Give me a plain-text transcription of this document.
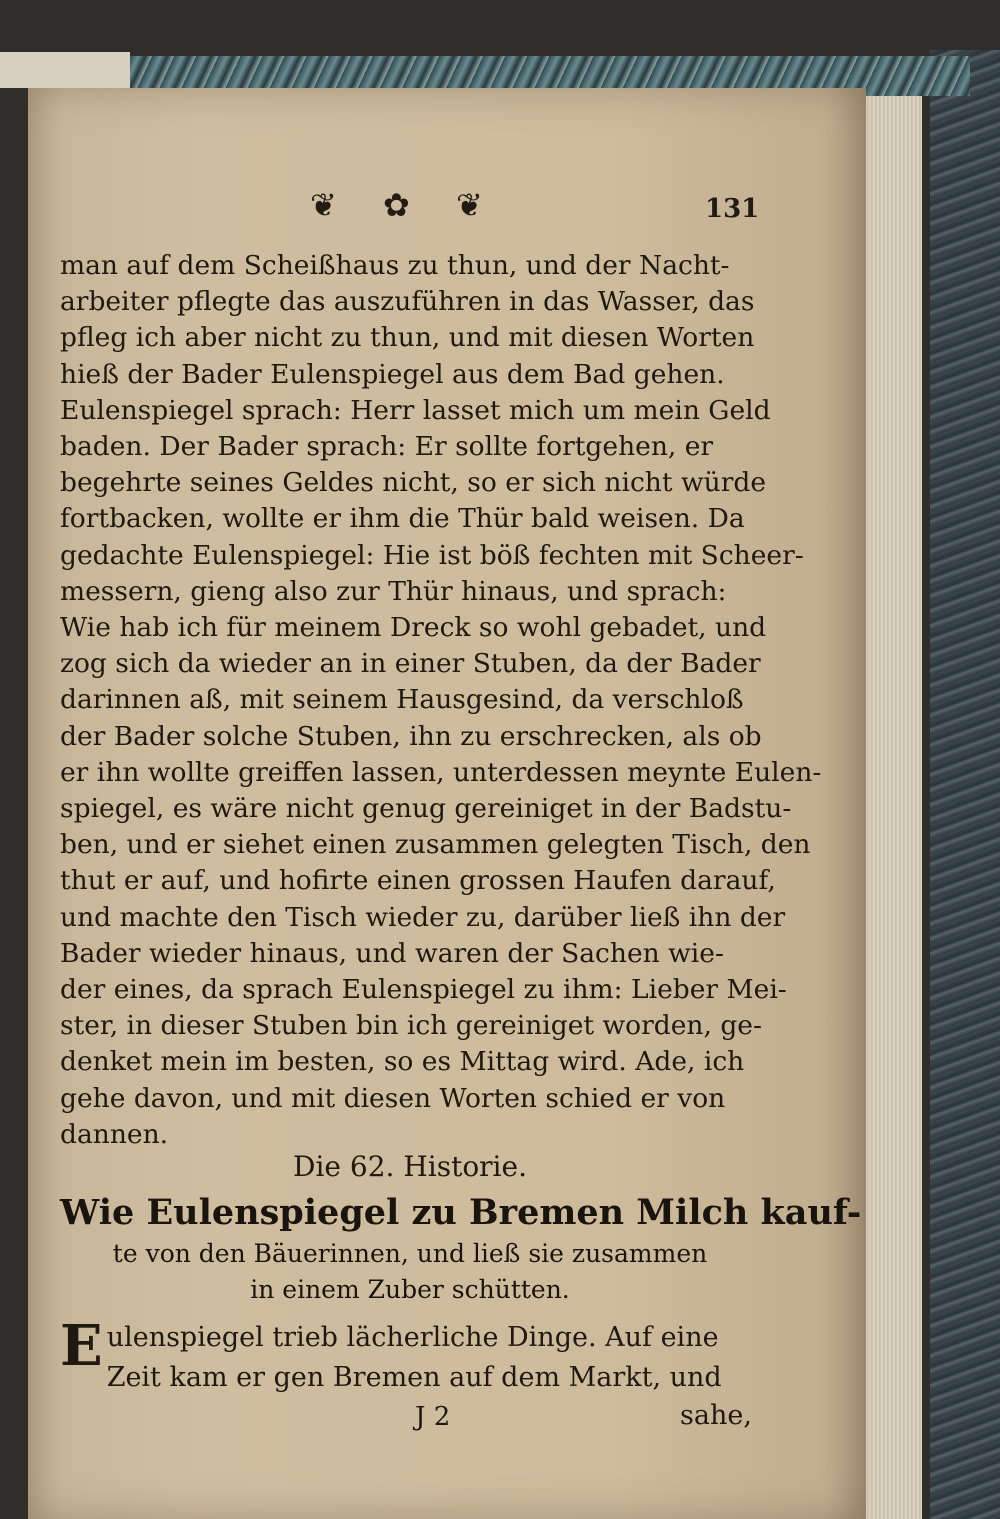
❦ ✿ ❦	131
man auf dem Scheißhaus zu thun, und der Nacht-
arbeiter pflegte das auszuführen in das Wasser, das
pfleg ich aber nicht zu thun, und mit diesen Worten
hieß der Bader Eulenspiegel aus dem Bad gehen.
Eulenspiegel sprach: Herr lasset mich um mein Geld
baden. Der Bader sprach: Er sollte fortgehen, er
begehrte seines Geldes nicht, so er sich nicht würde
fortbacken, wollte er ihm die Thür bald weisen. Da
gedachte Eulenspiegel: Hie ist böß fechten mit Scheer-
messern, gieng also zur Thür hinaus, und sprach:
Wie hab ich für meinem Dreck so wohl gebadet, und
zog sich da wieder an in einer Stuben, da der Bader
darinnen aß, mit seinem Hausgesind, da verschloß
der Bader solche Stuben, ihn zu erschrecken, als ob
er ihn wollte greiffen lassen, unterdessen meynte Eulen-
spiegel, es wäre nicht genug gereiniget in der Badstu-
ben, und er siehet einen zusammen gelegten Tisch, den
thut er auf, und hofirte einen grossen Haufen darauf,
und machte den Tisch wieder zu, darüber ließ ihn der
Bader wieder hinaus, und waren der Sachen wie-
der eines, da sprach Eulenspiegel zu ihm: Lieber Mei-
ster, in dieser Stuben bin ich gereiniget worden, ge-
denket mein im besten, so es Mittag wird. Ade, ich
gehe davon, und mit diesen Worten schied er von
dannen.
Die 62. Historie.
Wie Eulenspiegel zu Bremen Milch kauf-
te von den Bäuerinnen, und ließ sie zusammen
in einem Zuber schütten.
E ulenspiegel trieb lächerliche Dinge. Auf eine
Zeit kam er gen Bremen auf dem Markt, und
J 2	sahe,
